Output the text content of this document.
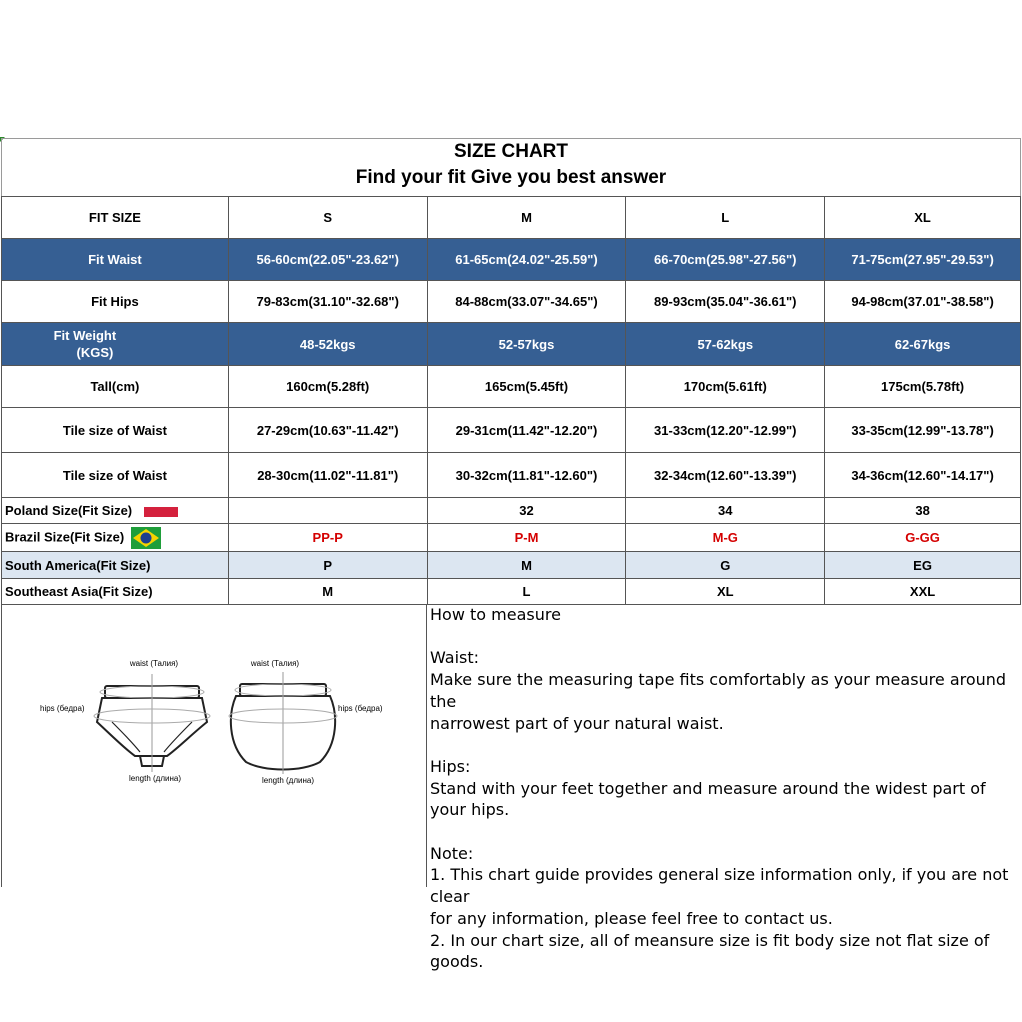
SIZE CHART
Find your fit Give you best answer
FIT SIZE	S	M	L	XL
Fit Waist	56-60cm(22.05"-23.62")	61-65cm(24.02"-25.59")	66-70cm(25.98"-27.56")	71-75cm(27.95"-29.53")
Fit Hips	79-83cm(31.10"-32.68")	84-88cm(33.07"-34.65")	89-93cm(35.04"-36.61")	94-98cm(37.01"-38.58")

Fit Weight
(KGS)	48-52kgs	52-57kgs	57-62kgs	62-67kgs
Tall(cm)	160cm(5.28ft)	165cm(5.45ft)	170cm(5.61ft)	175cm(5.78ft)
Tile size of Waist	27-29cm(10.63"-11.42")	29-31cm(11.42"-12.20")	31-33cm(12.20"-12.99")	33-35cm(12.99"-13.78")
Tile size of Waist	28-30cm(11.02"-11.81")	30-32cm(11.81"-12.60")	32-34cm(12.60"-13.39")	34-36cm(12.60"-14.17")
Poland Size(Fit Size)		32	34	38
Brazil Size(Fit Size)	PP-P	P-M	M-G	G-GG
South America(Fit Size)	P	M	G	EG
Southeast Asia(Fit Size)	M	L	XL	XXL
waist (Талия)	waist (Талия)
hips (бедра)	hips (бедра)
length (длина)	length (длина)

How to measure

Waist:

Make sure the measuring tape fits comfortably as your measure around the

narrowest part of your natural waist.

Hips:

Stand with your feet together and measure around the widest part of your hips.

Note:

1. This chart guide provides general size information only, if you are not clear

for any information, please feel free to contact us.

2. In our chart size, all of meansure size is fit body size not flat size of goods.
